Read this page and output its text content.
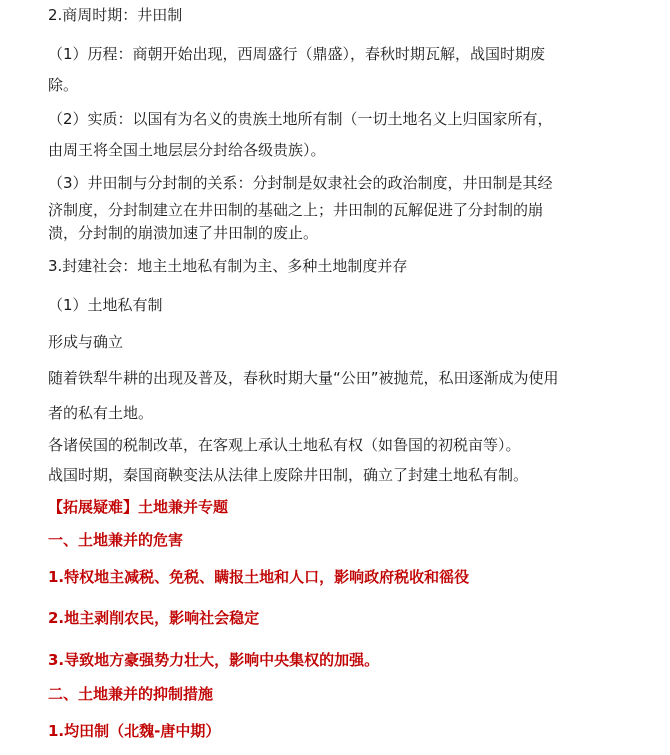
2.商周时期：井田制
（1）历程：商朝开始出现，西周盛行（鼎盛），春秋时期瓦解，战国时期废
除。
（2）实质：以国有为名义的贵族土地所有制（一切土地名义上归国家所有，
由周王将全国土地层层分封给各级贵族）。
（3）井田制与分封制的关系：分封制是奴隶社会的政治制度，井田制是其经
济制度，分封制建立在井田制的基础之上；井田制的瓦解促进了分封制的崩
溃，分封制的崩溃加速了井田制的废止。
3.封建社会：地主土地私有制为主、多种土地制度并存
（1）土地私有制
形成与确立
随着铁犁牛耕的出现及普及，春秋时期大量“公田”被抛荒，私田逐渐成为使用
者的私有土地。
各诸侯国的税制改革，在客观上承认土地私有权（如鲁国的初税亩等）。
战国时期，秦国商鞅变法从法律上废除井田制，确立了封建土地私有制。
【拓展疑难】土地兼并专题
一、土地兼并的危害
1.特权地主减税、免税、瞒报土地和人口，影响政府税收和徭役
2.地主剥削农民，影响社会稳定
3.导致地方豪强势力壮大，影响中央集权的加强。
二、土地兼并的抑制措施
1.均田制（北魏-唐中期）
